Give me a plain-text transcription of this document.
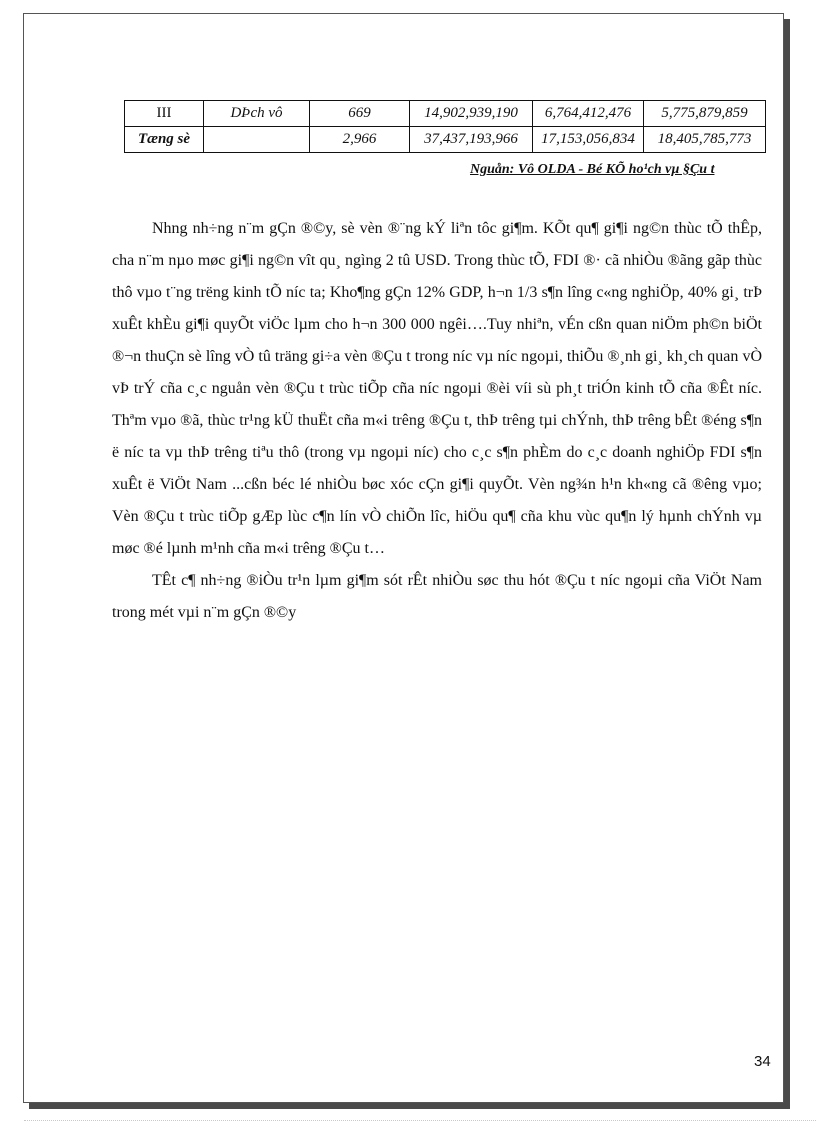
III	DÞch vô	669	14,902,939,190	6,764,412,476	5,775,879,859
Tæng sè		2,966	37,437,193,966	17,153,056,834	18,405,785,773
Nguån: Vô OLDA - Bé KÕ ho¹ch vµ §Çu t

Nhng nh÷ng n¨m gÇn ®©y, sè vèn ®¨ng kÝ liªn tôc gi¶m. KÕt qu¶ gi¶i ng©n thùc tÕ thÊp, cha n¨m nµo møc gi¶i ng©n vît qu¸ ngìng 2 tû USD. Trong thùc tÕ, FDI ®· cã nhiÒu ®ãng gãp thùc thô vµo t¨ng trëng kinh tÕ níc ta; Kho¶ng gÇn 12% GDP, h¬n 1/3 s¶n lîng c«ng nghiÖp, 40% gi¸ trÞ xuÊt khÈu gi¶i quyÕt viÖc lµm cho h¬n 300 000 ngêi….Tuy nhiªn, vÉn cßn quan niÖm ph©n biÖt ®¬n thuÇn sè lîng vÒ tû träng gi÷a vèn ®Çu t trong níc vµ níc ngoµi, thiÕu ®¸nh gi¸ kh¸ch quan vÒ vÞ trÝ cña c¸c nguån vèn ®Çu t trùc tiÕp cña níc ngoµi ®èi víi sù ph¸t triÓn kinh tÕ cña ®Êt níc. Thªm vµo ®ã, thùc tr¹ng kÜ thuËt cña m«i trêng ®Çu t, thÞ trêng tµi chÝnh, thÞ trêng bÊt ®éng s¶n ë níc ta vµ thÞ trêng tiªu thô (trong vµ ngoµi níc) cho c¸c s¶n phÈm do c¸c doanh nghiÖp FDI s¶n xuÊt ë ViÖt Nam ...cßn béc lé nhiÒu bøc xóc cÇn gi¶i quyÕt. Vèn ng¾n h¹n kh«ng cã ®êng vµo; Vèn ®Çu t trùc tiÕp gÆp lùc c¶n lín vÒ chiÕn lîc, hiÖu qu¶ cña khu vùc qu¶n lý hµnh chÝnh vµ møc ®é lµnh m¹nh cña m«i trêng ®Çu t…

TÊt c¶ nh÷ng ®iÒu tr¹n lµm gi¶m sót rÊt nhiÒu søc thu hót ®Çu t níc ngoµi cña ViÖt Nam trong mét vµi n¨m gÇn ®©y

34
